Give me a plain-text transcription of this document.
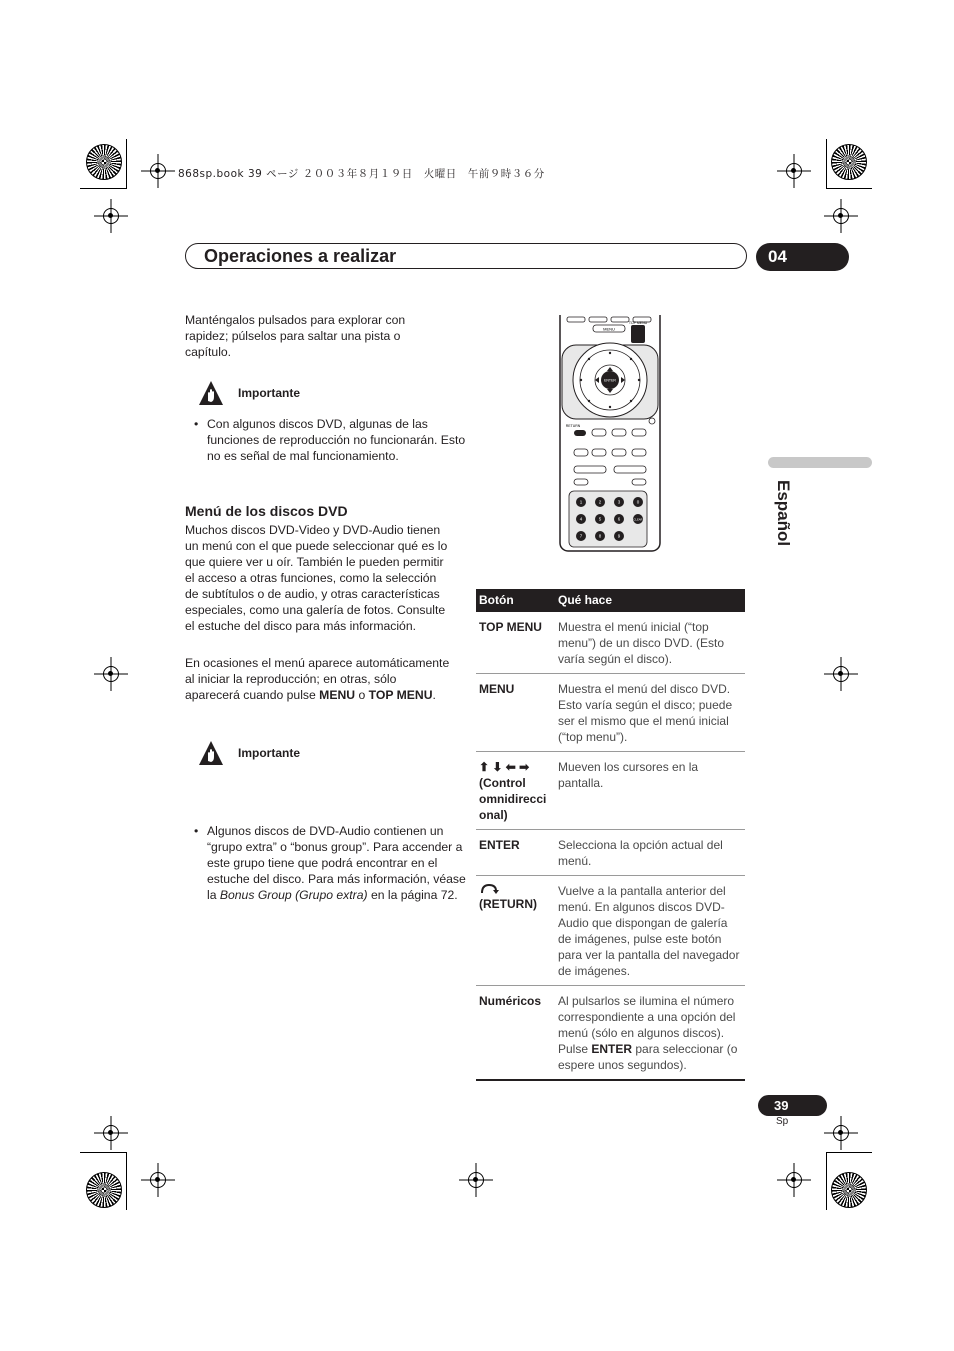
868sp.book 39 ページ ２００３年８月１９日　火曜日　午前９時３６分
Operaciones a realizar	04
Español
Manténgalos pulsados para explorar con rapidez; púlselos para saltar una pista o capítulo.
Importante
• Con algunos discos DVD, algunas de las funciones de reproducción no funcionarán. Esto no es señal de mal funcionamiento.
Menú de los discos DVD
Muchos discos DVD-Video y DVD-Audio tienen un menú con el que puede seleccionar qué es lo que quiere ver u oír. También le pueden permitir el acceso a otras funciones, como la selección de subtítulos o de audio, y otras características especiales, como una galería de fotos. Consulte el estuche del disco para más información.
En ocasiones el menú aparece automáticamente al iniciar la reproducción; en otras, sólo aparecerá cuando pulse MENU o TOP MENU.
Importante
• Algunos discos de DVD-Audio contienen un “grupo extra” o “bonus group”. Para accender a este grupo tiene que podrá encontrar en el estuche del disco. Para más información, véase la Bonus Group (Grupo extra) en la página 72.
MENU
TOP MENU
ENTER
RETURN
1	2	3
4	5	6
7	8	9
0
CLEAR
Botón	Qué hace
TOP MENU	Muestra el menú inicial (“top menu”) de un disco DVD. (Esto varía según el disco).
MENU	Muestra el menú del disco DVD. Esto varía según el disco; puede ser el mismo que el menú inicial (“top menu”).
⬆ ⬇ ⬅ ➡ (Control omnidirecci onal)	Mueven los cursores en la pantalla.
ENTER	Selecciona la opción actual del menú.

(RETURN)	Vuelve a la pantalla anterior del menú. En algunos discos DVD-Audio que dispongan de galería de imágenes, pulse este botón para ver la pantalla del navegador de imágenes.
Numéricos	Al pulsarlos se ilumina el número correspondiente a una opción del menú (sólo en algunos discos). Pulse ENTER para seleccionar (o espere unos segundos).
39
Sp
